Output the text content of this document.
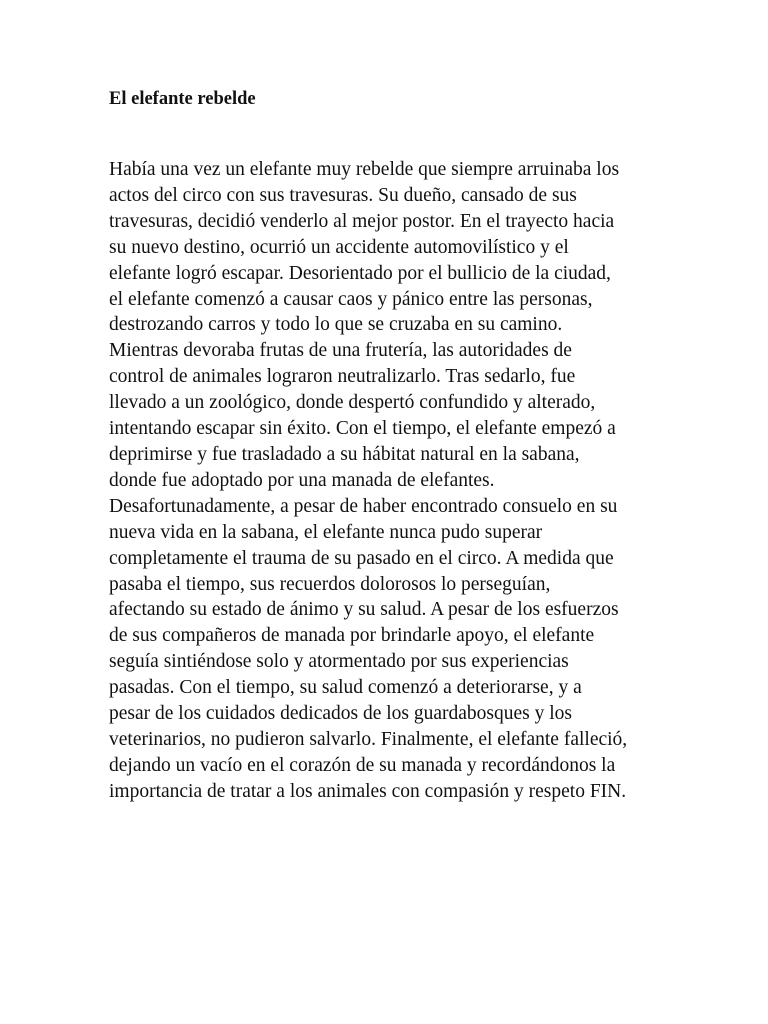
El elefante rebelde

Había una vez un elefante muy rebelde que siempre arruinaba los
actos del circo con sus travesuras. Su dueño, cansado de sus
travesuras, decidió venderlo al mejor postor. En el trayecto hacia
su nuevo destino, ocurrió un accidente automovilístico y el
elefante logró escapar. Desorientado por el bullicio de la ciudad,
el elefante comenzó a causar caos y pánico entre las personas,
destrozando carros y todo lo que se cruzaba en su camino.
Mientras devoraba frutas de una frutería, las autoridades de
control de animales lograron neutralizarlo. Tras sedarlo, fue
llevado a un zoológico, donde despertó confundido y alterado,
intentando escapar sin éxito. Con el tiempo, el elefante empezó a
deprimirse y fue trasladado a su hábitat natural en la sabana,
donde fue adoptado por una manada de elefantes.
Desafortunadamente, a pesar de haber encontrado consuelo en su
nueva vida en la sabana, el elefante nunca pudo superar
completamente el trauma de su pasado en el circo. A medida que
pasaba el tiempo, sus recuerdos dolorosos lo perseguían,
afectando su estado de ánimo y su salud. A pesar de los esfuerzos
de sus compañeros de manada por brindarle apoyo, el elefante
seguía sintiéndose solo y atormentado por sus experiencias
pasadas. Con el tiempo, su salud comenzó a deteriorarse, y a
pesar de los cuidados dedicados de los guardabosques y los
veterinarios, no pudieron salvarlo. Finalmente, el elefante falleció,
dejando un vacío en el corazón de su manada y recordándonos la
importancia de tratar a los animales con compasión y respeto FIN.
